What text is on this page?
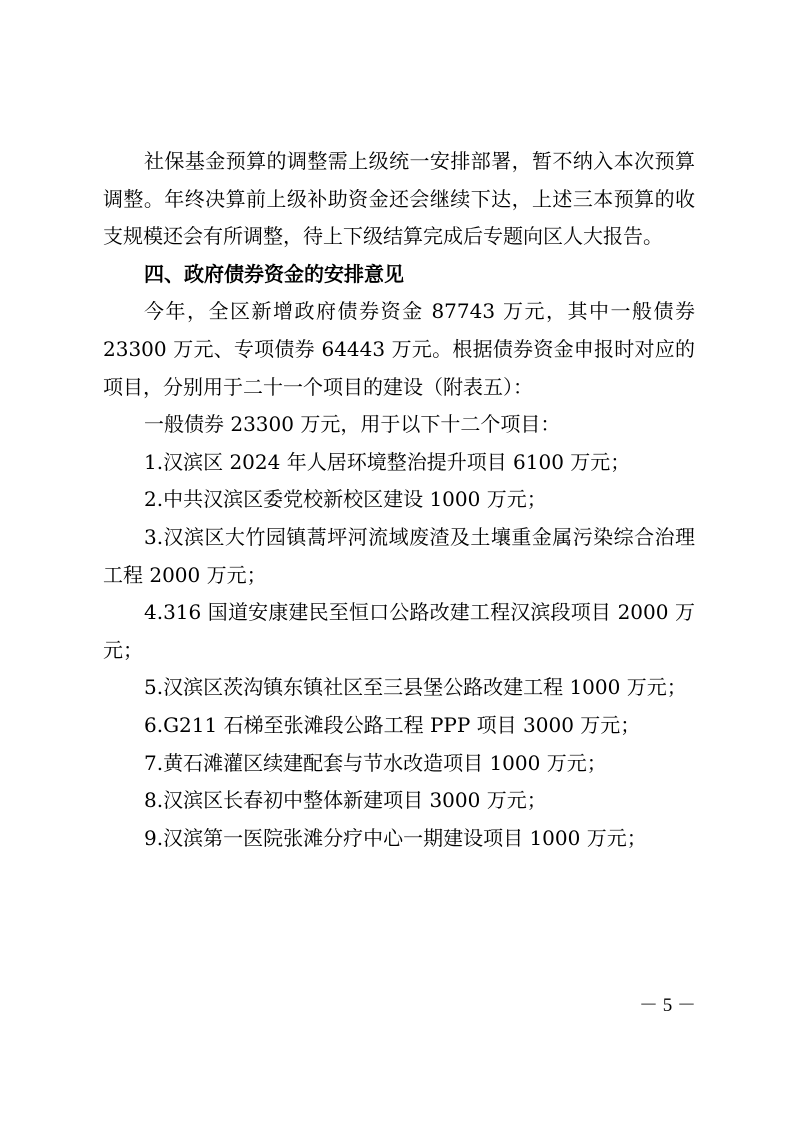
社保基金预算的调整需上级统一安排部署，暂不纳入本次预算调整。年终决算前上级补助资金还会继续下达，上述三本预算的收支规模还会有所调整，待上下级结算完成后专题向区人大报告。

四、政府债券资金的安排意见

今年，全区新增政府债券资金 87743 万元，其中一般债券 23300 万元、专项债券 64443 万元。根据债券资金申报时对应的项目，分别用于二十一个项目的建设（附表五）：

一般债券 23300 万元，用于以下十二个项目：

1.汉滨区 2024 年人居环境整治提升项目 6100 万元；

2.中共汉滨区委党校新校区建设 1000 万元；

3.汉滨区大竹园镇蒿坪河流域废渣及土壤重金属污染综合治理工程 2000 万元；

4.316 国道安康建民至恒口公路改建工程汉滨段项目 2000 万元；

5.汉滨区茨沟镇东镇社区至三县堡公路改建工程 1000 万元；

6.G211 石梯至张滩段公路工程 PPP 项目 3000 万元；

7.黄石滩灌区续建配套与节水改造项目 1000 万元；

8.汉滨区长春初中整体新建项目 3000 万元；

9.汉滨第一医院张滩分疗中心一期建设项目 1000 万元；

－ 5 －
